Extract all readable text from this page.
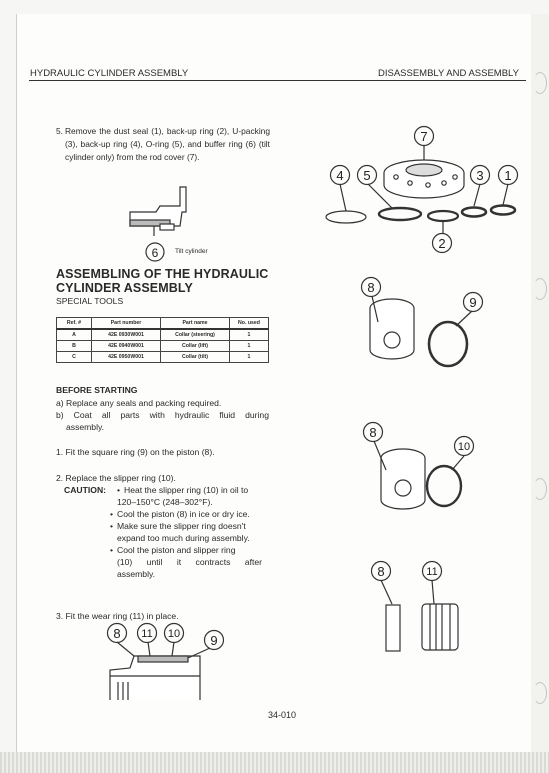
HYDRAULIC CYLINDER ASSEMBLY	DISASSEMBLY AND ASSEMBLY
5. Remove the dust seal (1), back-up ring (2), U-packing (3), back-up ring (4), O-ring (5), and buffer ring (6) (tilt cylinder only) from the rod cover (7).
Tilt cylinder
ASSEMBLING OF THE HYDRAULIC
CYLINDER ASSEMBLY
SPECIAL TOOLS
Ref. #	Part number	Part name	No. used
A	42E 0930W001	Collar (steering)	1
B	42E 0940W001	Collar (lift)	1
C	42E 0950W001	Collar (tilt)	1
BEFORE STARTING
a) Replace any seals and packing required.
b) Coat all parts with hydraulic fluid during
assembly.
1. Fit the square ring (9) on the piston (8).
2. Replace the slipper ring (10).
CAUTION: • Heat the slipper ring (10) in oil to
120–150°C (248–302°F).
• Cool the piston (8) in ice or dry ice.
• Make sure the slipper ring doesn't
expand too much during assembly.
• Cool the piston and slipper ring
(10) until it contracts after
assembly.
3. Fit the wear ring (11) in place.
34-010
6
7
4 5	3 1
2
8
9
8
10
8	11
8 11 10 9
